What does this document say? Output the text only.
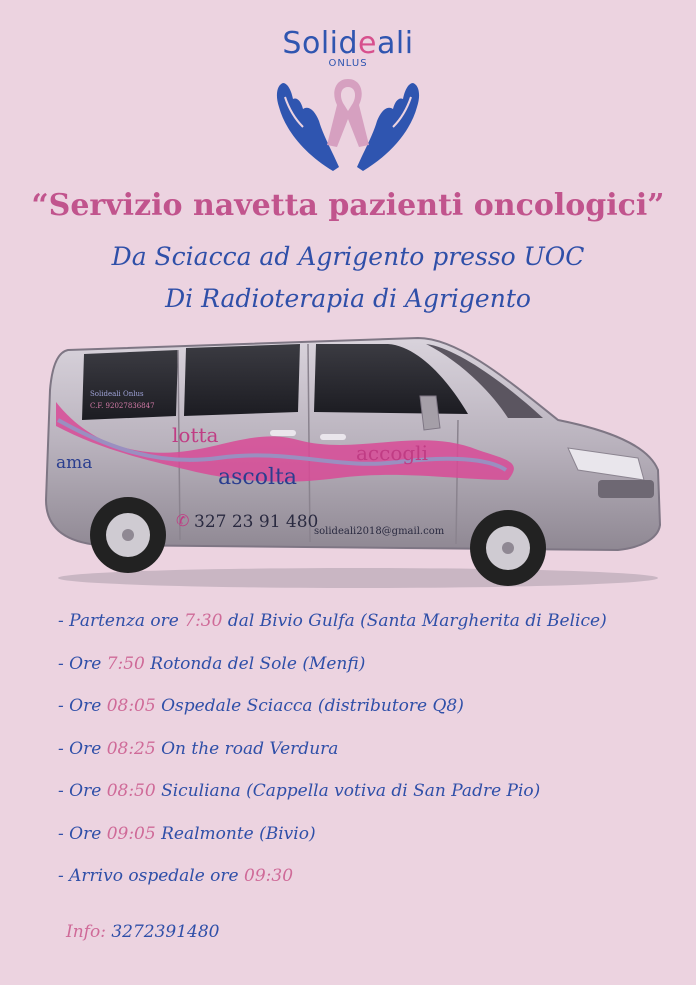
Solideali
ONLUS
“Servizio navetta pazienti oncologici”
Da Sciacca ad Agrigento presso UOC
Di Radioterapia di Agrigento
lotta
accogli
ama
ascolta
✆ 327 23 91 480
solideali2018@gmail.com
Solideali Onlus
C.F. 92027836847
- Partenza ore 7:30 dal Bivio Gulfa (Santa Margherita di Belice)
- Ore 7:50 Rotonda del Sole (Menfi)
- Ore 08:05 Ospedale Sciacca (distributore Q8)
- Ore 08:25 On the road Verdura
- Ore 08:50 Siculiana (Cappella votiva di San Padre Pio)
- Ore 09:05 Realmonte (Bivio)
- Arrivo ospedale ore 09:30
Info: 3272391480
